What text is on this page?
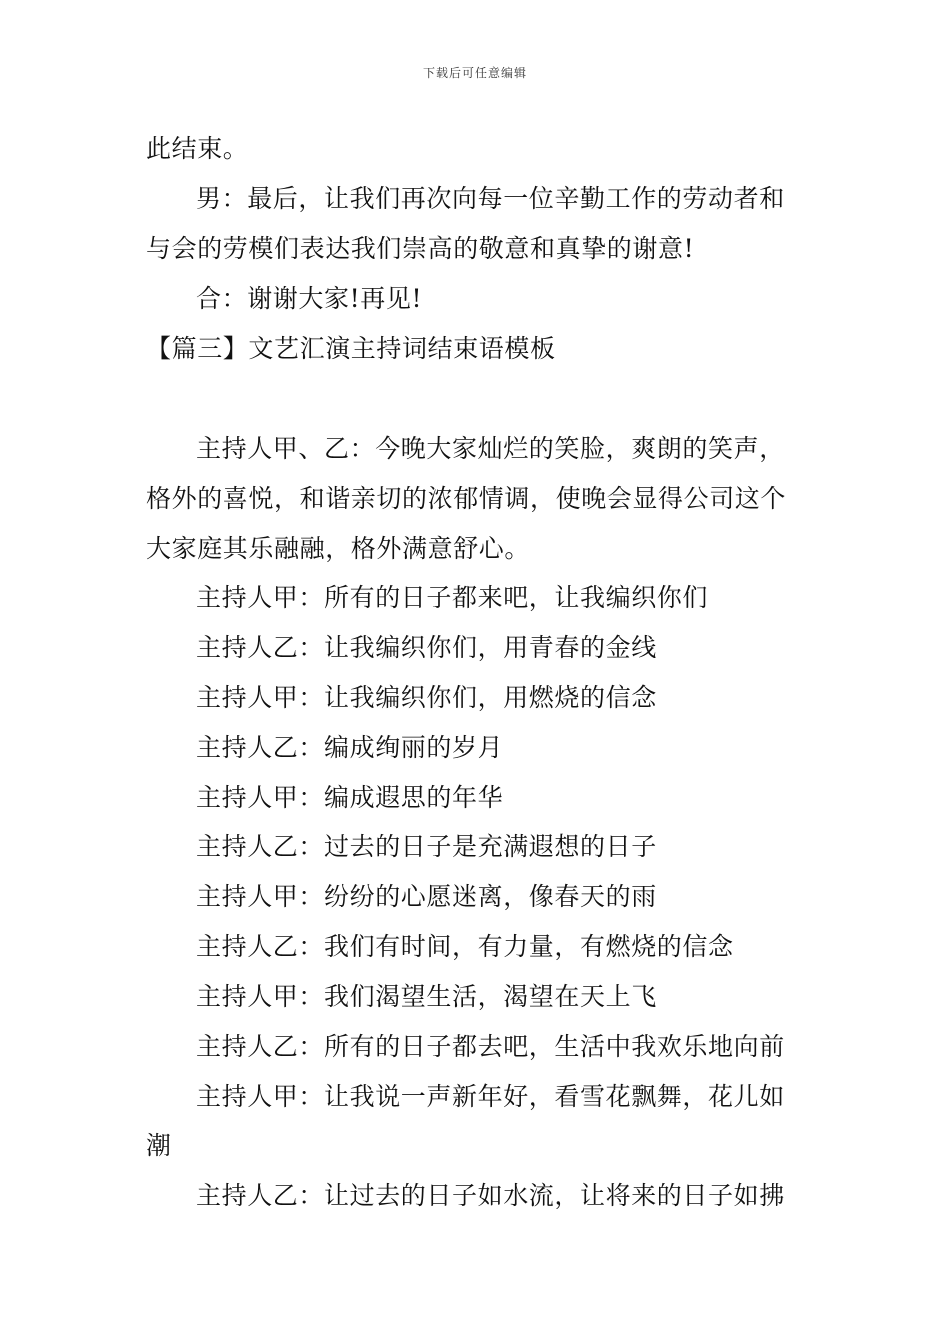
下载后可任意编辑
此结束。
男：最后，让我们再次向每一位辛勤工作的劳动者和
与会的劳模们表达我们崇高的敬意和真挚的谢意!
合：谢谢大家!再见!
【篇三】文艺汇演主持词结束语模板
主持人甲、乙：今晚大家灿烂的笑脸，爽朗的笑声，
格外的喜悦，和谐亲切的浓郁情调，使晚会显得公司这个
大家庭其乐融融，格外满意舒心。
主持人甲：所有的日子都来吧，让我编织你们
主持人乙：让我编织你们，用青春的金线
主持人甲：让我编织你们，用燃烧的信念
主持人乙：编成绚丽的岁月
主持人甲：编成遐思的年华
主持人乙：过去的日子是充满遐想的日子
主持人甲：纷纷的心愿迷离，像春天的雨
主持人乙：我们有时间，有力量，有燃烧的信念
主持人甲：我们渴望生活，渴望在天上飞
主持人乙：所有的日子都去吧，生活中我欢乐地向前
主持人甲：让我说一声新年好，看雪花飘舞，花儿如
潮
主持人乙：让过去的日子如水流，让将来的日子如拂
